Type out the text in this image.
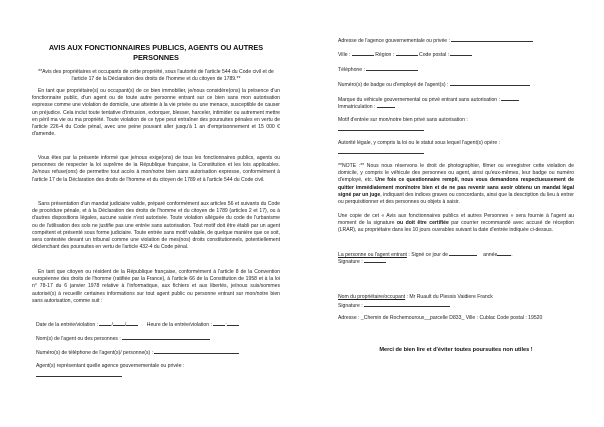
AVIS AUX FONCTIONNAIRES PUBLICS, AGENTS OU AUTRES PERSONNES
**Avis des propriétaires et occupants de cette propriété, sous l'autorité de l'article 544 du Code civil et de l'article 17 de la Déclaration des droits de l'homme et du citoyen de 1789.**
En tant que propriétaire(s) ou occupant(s) de ce bien immobilier, je/nous considère(ons) la présence d'un fonctionnaire public, d'un agent ou de toute autre personne entrant sur ce bien sans mon autorisation expresse comme une violation de domicile, une atteinte à la vie privée ou une menace, susceptible de causer un préjudice. Cela inclut toute tentative d'intrusion, extorquer, blesser, harceler, intimider ou autrement mettre en péril ma vie ou ma propriété. Toute violation de ce type peut entraîner des poursuites pénales en vertu de l'article 226-4 du Code pénal, avec une peine pouvant aller jusqu'à 1 an d'emprisonnement et 15 000 € d'amende.
Vous êtes par la présente informé que je/nous exige(ons) de tous les fonctionnaires publics, agents ou personnes de respecter la loi suprême de la République française, la Constitution et les lois applicables. Je/nous refuse(ons) de permettre tout accès à mon/notre bien sans autorisation expresse, conformément à l'article 17 de la Déclaration des droits de l'homme et du citoyen de 1789 et à l'article 544 du Code civil.
Sans présentation d'un mandat judiciaire valide, préparé conformément aux articles 56 et suivants du Code de procédure pénale, et à la Déclaration des droits de l'homme et du citoyen de 1789 (articles 2 et 17), ou à d'autres dispositions légales, aucune saisie n'est autorisée. Toute violation alléguée du code de l'urbanisme ou de l'utilisation des sols ne justifie pas une entrée sans autorisation. Tout motif doit être établi par un agent compétent et présenté sous forme judiciaire. Toute entrée sans motif valable, de quelque manière que ce soit, sera contestée devant un tribunal comme une violation de mes(nos) droits constitutionnels, potentiellement déclenchant des poursuites en vertu de l'article 432-4 du Code pénal.
En tant que citoyen ou résident de la République française, conformément à l'article 8 de la Convention européenne des droits de l'homme (ratifiée par la France), à l'article 66 de la Constitution de 1958 et à la loi n° 78-17 du 6 janvier 1978 relative à l'informatique, aux fichiers et aux libertés, je/nous suis/sommes autorisé(s) à recueillir certaines informations sur tout agent public ou personne entrant sur mon/notre bien sans autorisation, comme suit :
Date de la entrée/violation :	/ /	Heure de la entrée/violation :	:
Nom(s) de l'agent ou des personnes :
Numéro(s) de téléphone de l'agent(s)/ personne(s) :
Agent(s) représentant quelle agence gouvernementale ou privée :
Adresse de l'agence gouvernementale ou privée :
Ville :	Région :	Code postal :
Téléphone :
Numéro(s) de badge ou d'employé de l'agent(s) :
Marque du véhicule gouvernemental ou privé entrant sans autorisation :
Immatriculation :
Motif d'entrée sur mon/notre bien privé sans autorisation :
Autorité légale, y compris la loi ou le statut sous lequel l'agent(s) opère :
**NOTE :** Nous nous réservons le droit de photographier, filmer ou enregistrer cette violation de domicile, y compris le véhicule des personnes ou agent, ainsi qu'eux-mêmes, leur badge ou numéro d'employé, etc. Une fois ce questionnaire rempli, nous vous demandons respectueusement de quitter immédiatement mon/notre bien et de ne pas revenir sans avoir obtenu un mandat légal signé par un juge, indiquant des indices graves ou concordants, ainsi que la description du lieu à entrer ou perquisitionner et des personnes ou objets à saisir.
Une copie de cet « Avis aux fonctionnaires publics et autres Personnes » sera fournie à l'agent au moment de la signature ou doit être certifiée par courrier recommandé avec accusé de réception (LRAR), au propriétaire dans les 10 jours ouvrables suivant la date d'entrée indiquée ci-dessus.
La personne ou l'agent entrant : Signé ce jour de	année	.
Signature :
Nom du propriétaire/occupant : Mr Ruault du Plessis Vaidiere Franck
Signature :
Adresse : _Chemin de Rochemouroux__parcelle D833_ Ville : Cublac Code postal : 19520
Merci de bien lire et d'éviter toutes poursuites non utiles !
